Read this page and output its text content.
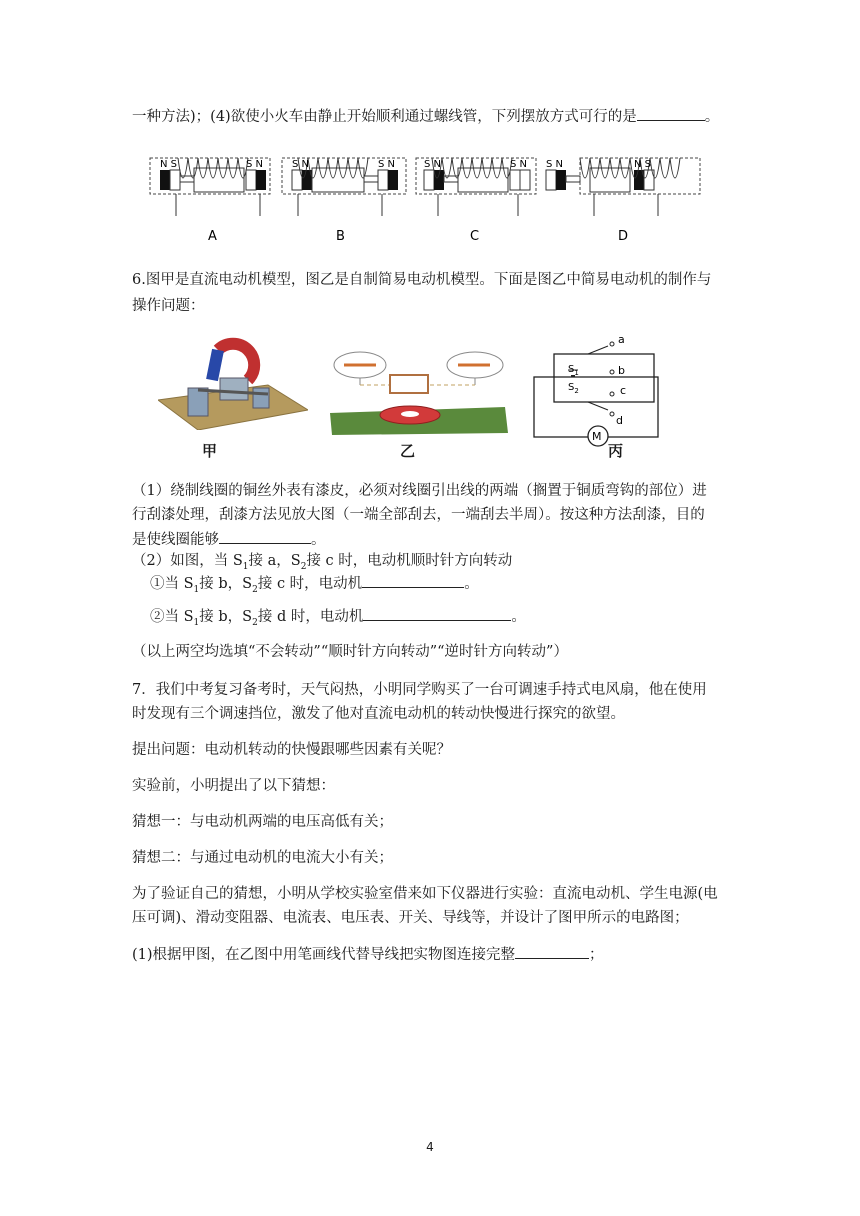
一种方法)；(4)欲使小火车由静止开始顺利通过螺线管，下列摆放方式可行的是	。
N S	S N
A
S N	S N
B
S N	S N
C
S N	N S
D
6.图甲是直流电动机模型，图乙是自制简易电动机模型。下面是图乙中简易电动机的制作与
操作问题：
a
b
c
d
$S_1$
$S_2$
M
甲	乙	丙
（1）绕制线圈的铜丝外表有漆皮，必须对线圈引出线的两端（搁置于铜质弯钩的部位）进
行刮漆处理，刮漆方法见放大图（一端全部刮去，一端刮去半周）。按这种方法刮漆，目的
是使线圈能够	。
（2）如图，当 $S_1$接 a，$S_2$接 c 时，电动机顺时针方向转动
①当 $S_1$接 b，$S_2$接 c 时，电动机	。
②当 $S_1$接 b，$S_2$接 d 时，电动机	。
（以上两空均选填“不会转动”“顺时针方向转动”“逆时针方向转动”）
7．我们中考复习备考时，天气闷热，小明同学购买了一台可调速手持式电风扇，他在使用
时发现有三个调速挡位，激发了他对直流电动机的转动快慢进行探究的欲望。
提出问题：电动机转动的快慢跟哪些因素有关呢？
实验前，小明提出了以下猜想：
猜想一：与电动机两端的电压高低有关；
猜想二：与通过电动机的电流大小有关；
为了验证自己的猜想，小明从学校实验室借来如下仪器进行实验：直流电动机、学生电源(电
压可调)、滑动变阻器、电流表、电压表、开关、导线等，并设计了图甲所示的电路图；
(1)根据甲图，在乙图中用笔画线代替导线把实物图连接完整	；
4
